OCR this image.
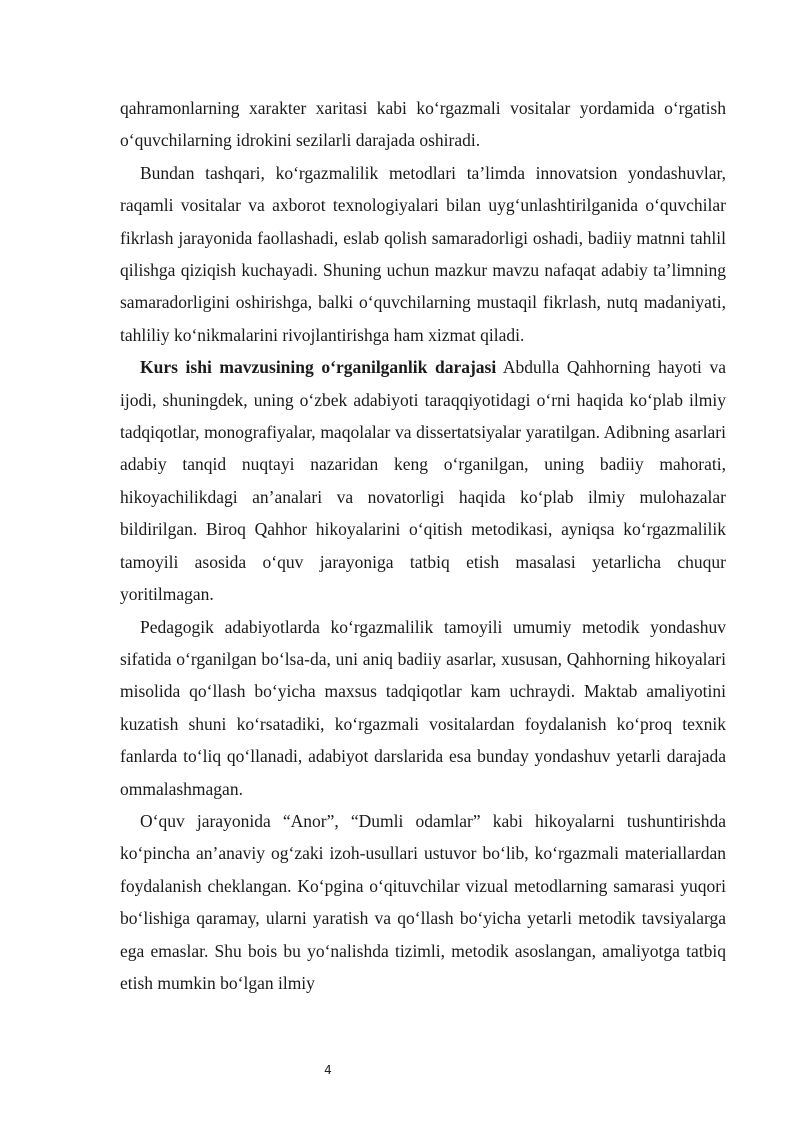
qahramonlarning xarakter xaritasi kabi ko‘rgazmali vositalar yordamida o‘rgatish o‘quvchilarning idrokini sezilarli darajada oshiradi.

Bundan tashqari, ko‘rgazmalilik metodlari ta’limda innovatsion yondashuvlar, raqamli vositalar va axborot texnologiyalari bilan uyg‘unlashtirilganida o‘quvchilar fikrlash jarayonida faollashadi, eslab qolish samaradorligi oshadi, badiiy matnni tahlil qilishga qiziqish kuchayadi. Shuning uchun mazkur mavzu nafaqat adabiy ta’limning samaradorligini oshirishga, balki o‘quvchilarning mustaqil fikrlash, nutq madaniyati, tahliliy ko‘nikmalarini rivojlantirishga ham xizmat qiladi.

Kurs ishi mavzusining o‘rganilganlik darajasi Abdulla Qahhorning hayoti va ijodi, shuningdek, uning o‘zbek adabiyoti taraqqiyotidagi o‘rni haqida ko‘plab ilmiy tadqiqotlar, monografiyalar, maqolalar va dissertatsiyalar yaratilgan. Adibning asarlari adabiy tanqid nuqtayi nazaridan keng o‘rganilgan, uning badiiy mahorati, hikoyachilikdagi an’analari va novatorligi haqida ko‘plab ilmiy mulohazalar bildirilgan. Biroq Qahhor hikoyalarini o‘qitish metodikasi, ayniqsa ko‘rgazmalilik tamoyili asosida o‘quv jarayoniga tatbiq etish masalasi yetarlicha chuqur yoritilmagan.

Pedagogik adabiyotlarda ko‘rgazmalilik tamoyili umumiy metodik yondashuv sifatida o‘rganilgan bo‘lsa-da, uni aniq badiiy asarlar, xususan, Qahhorning hikoyalari misolida qo‘llash bo‘yicha maxsus tadqiqotlar kam uchraydi. Maktab amaliyotini kuzatish shuni ko‘rsatadiki, ko‘rgazmali vositalardan foydalanish ko‘proq texnik fanlarda to‘liq qo‘llanadi, adabiyot darslarida esa bunday yondashuv yetarli darajada ommalashmagan.

O‘quv jarayonida “Anor”, “Dumli odamlar” kabi hikoyalarni tushuntirishda ko‘pincha an’anaviy og‘zaki izoh-usullari ustuvor bo‘lib, ko‘rgazmali materiallardan foydalanish cheklangan. Ko‘pgina o‘qituvchilar vizual metodlarning samarasi yuqori bo‘lishiga qaramay, ularni yaratish va qo‘llash bo‘yicha yetarli metodik tavsiyalarga ega emaslar. Shu bois bu yo‘nalishda tizimli, metodik asoslangan, amaliyotga tatbiq etish mumkin bo‘lgan ilmiy

4
